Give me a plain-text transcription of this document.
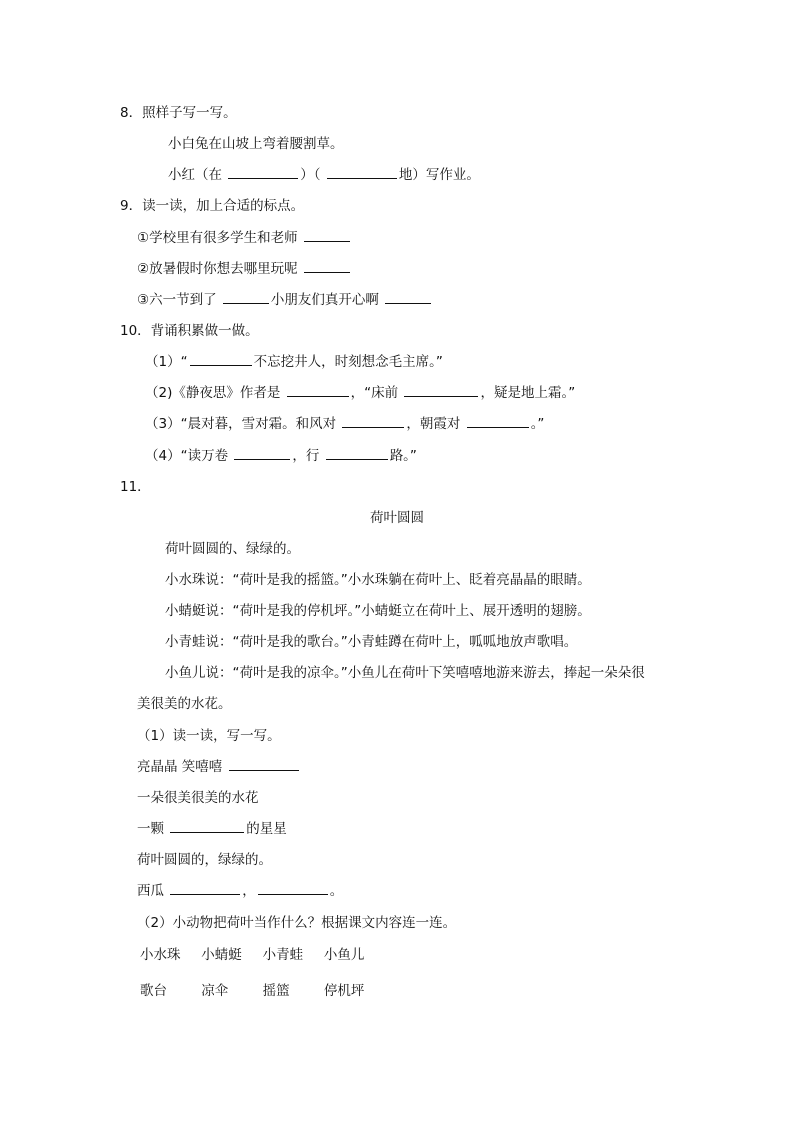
8．照样子写一写。
小白兔在山坡上弯着腰割草。
小红（在	）（	地）写作业。
9．读一读，加上合适的标点。
①学校里有很多学生和老师
②放暑假时你想去哪里玩呢
③六一节到了	小朋友们真开心啊
10．背诵积累做一做。
（1）“	不忘挖井人，时刻想念毛主席。”
（2)《静夜思》作者是	，“床前	，疑是地上霜。”
（3）“晨对暮，雪对霜。和风对	，朝霞对	。”
（4）“读万卷	，行	路。”
11．
荷叶圆圆
荷叶圆圆的、绿绿的。
小水珠说：“荷叶是我的摇篮。”小水珠躺在荷叶上、眨着亮晶晶的眼睛。
小蜻蜓说：“荷叶是我的停机坪。”小蜻蜓立在荷叶上、展开透明的翅膀。
小青蛙说：“荷叶是我的歌台。”小青蛙蹲在荷叶上，呱呱地放声歌唱。
小鱼儿说：“荷叶是我的凉伞。”小鱼儿在荷叶下笑嘻嘻地游来游去，捧起一朵朵很
美很美的水花。
（1）读一读，写一写。
亮晶晶 笑嘻嘻
一朵很美很美的水花
一颗	的星星
荷叶圆圆的，绿绿的。
西瓜	，	。
（2）小动物把荷叶当作什么？根据课文内容连一连。
小水珠 小蜻蜓 小青蛙 小鱼儿
歌台	凉伞	摇篮	停机坪
